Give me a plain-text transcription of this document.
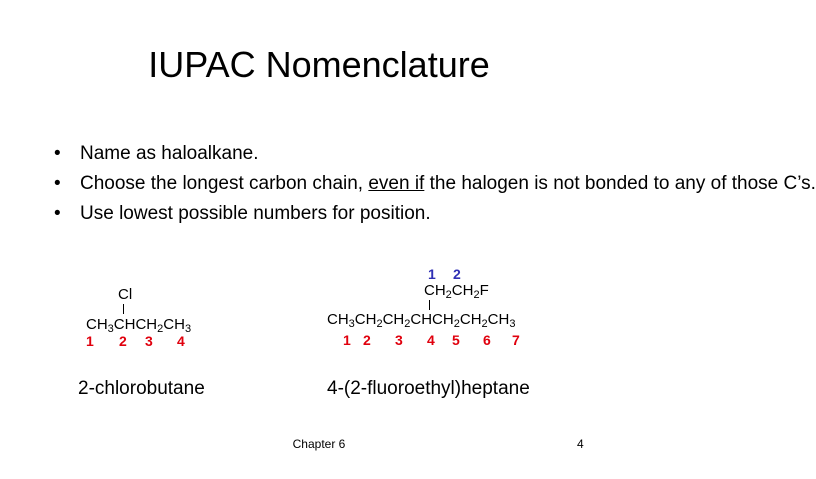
IUPAC Nomenclature
• Name as haloalkane.
• Choose the longest carbon chain, even if the halogen is not bonded to any of those C’s.
• Use lowest possible numbers for position.
Cl
$CH_3CHCH_2CH_3$
1 2 3 4
2-chlorobutane
1 2
$CH_2CH_2F$
$CH_3CH_2CH_2CHCH_2CH_2CH_3$
1 2 3 4 5 6 7
4-(2-fluoroethyl)heptane
Chapter 6	4
